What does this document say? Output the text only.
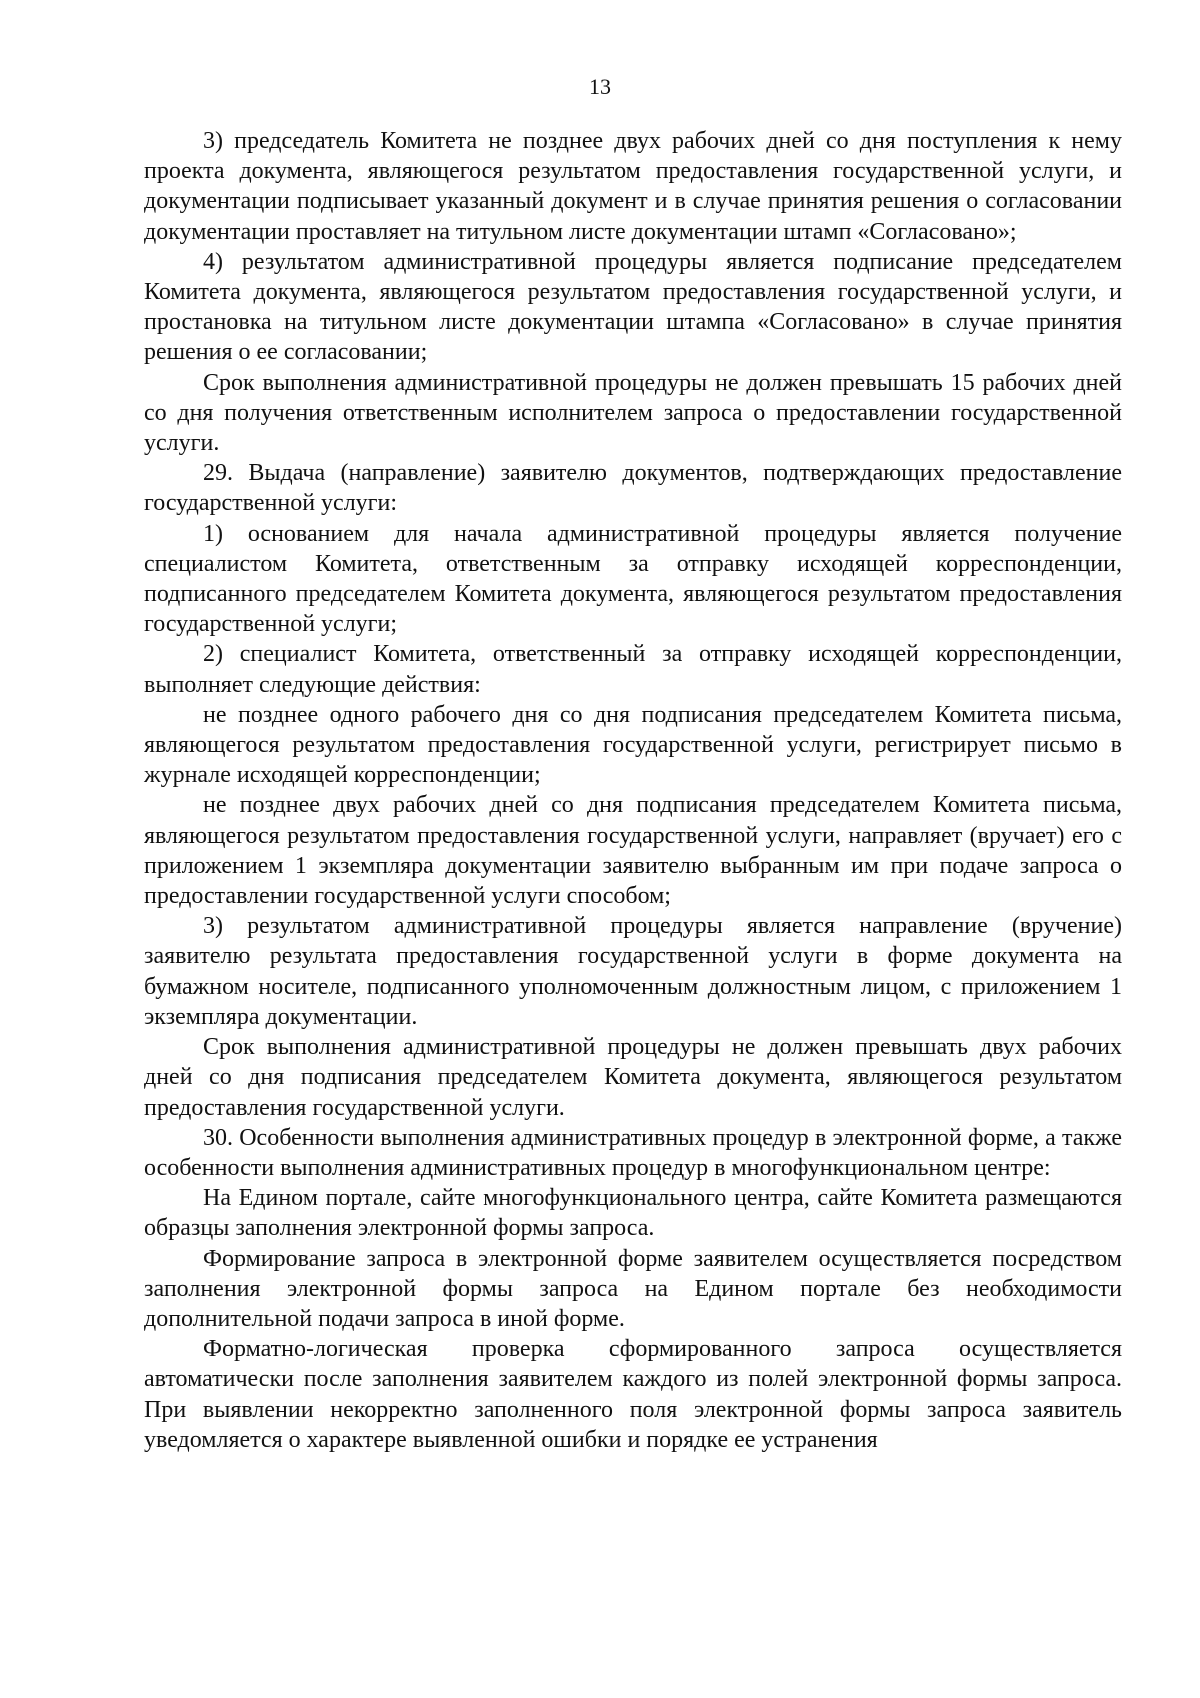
13

3) председатель Комитета не позднее двух рабочих дней со дня поступления к нему проекта документа, являющегося результатом предоставления государственной услуги, и документации подписывает указанный документ и в случае принятия решения о согласовании документации проставляет на титульном листе документации штамп «Согласовано»;

4) результатом административной процедуры является подписание председателем Комитета документа, являющегося результатом предоставления государственной услуги, и простановка на титульном листе документации штампа «Согласовано» в случае принятия решения о ее согласовании;

Срок выполнения административной процедуры не должен превышать 15 рабочих дней со дня получения ответственным исполнителем запроса о предоставлении государственной услуги.

29. Выдача (направление) заявителю документов, подтверждающих предоставление государственной услуги:

1) основанием для начала административной процедуры является получение специалистом Комитета, ответственным за отправку исходящей корреспонденции, подписанного председателем Комитета документа, являющегося результатом предоставления государственной услуги;

2) специалист Комитета, ответственный за отправку исходящей корреспонденции, выполняет следующие действия:

не позднее одного рабочего дня со дня подписания председателем Комитета письма, являющегося результатом предоставления государственной услуги, регистрирует письмо в журнале исходящей корреспонденции;

не позднее двух рабочих дней со дня подписания председателем Комитета письма, являющегося результатом предоставления государственной услуги, направляет (вручает) его с приложением 1 экземпляра документации заявителю выбранным им при подаче запроса о предоставлении государственной услуги способом;

3) результатом административной процедуры является направление (вручение) заявителю результата предоставления государственной услуги в форме документа на бумажном носителе, подписанного уполномоченным должностным лицом, с приложением 1 экземпляра документации.

Срок выполнения административной процедуры не должен превышать двух рабочих дней со дня подписания председателем Комитета документа, являющегося результатом предоставления государственной услуги.

30. Особенности выполнения административных процедур в электронной форме, а также особенности выполнения административных процедур в многофункциональном центре:

На Едином портале, сайте многофункционального центра, сайте Комитета размещаются образцы заполнения электронной формы запроса.

Формирование запроса в электронной форме заявителем осуществляется посредством заполнения электронной формы запроса на Едином портале без необходимости дополнительной подачи запроса в иной форме.

Форматно-логическая проверка сформированного запроса осуществляется автоматически после заполнения заявителем каждого из полей электронной формы запроса. При выявлении некорректно заполненного поля электронной формы запроса заявитель уведомляется о характере выявленной ошибки и порядке ее устранения
